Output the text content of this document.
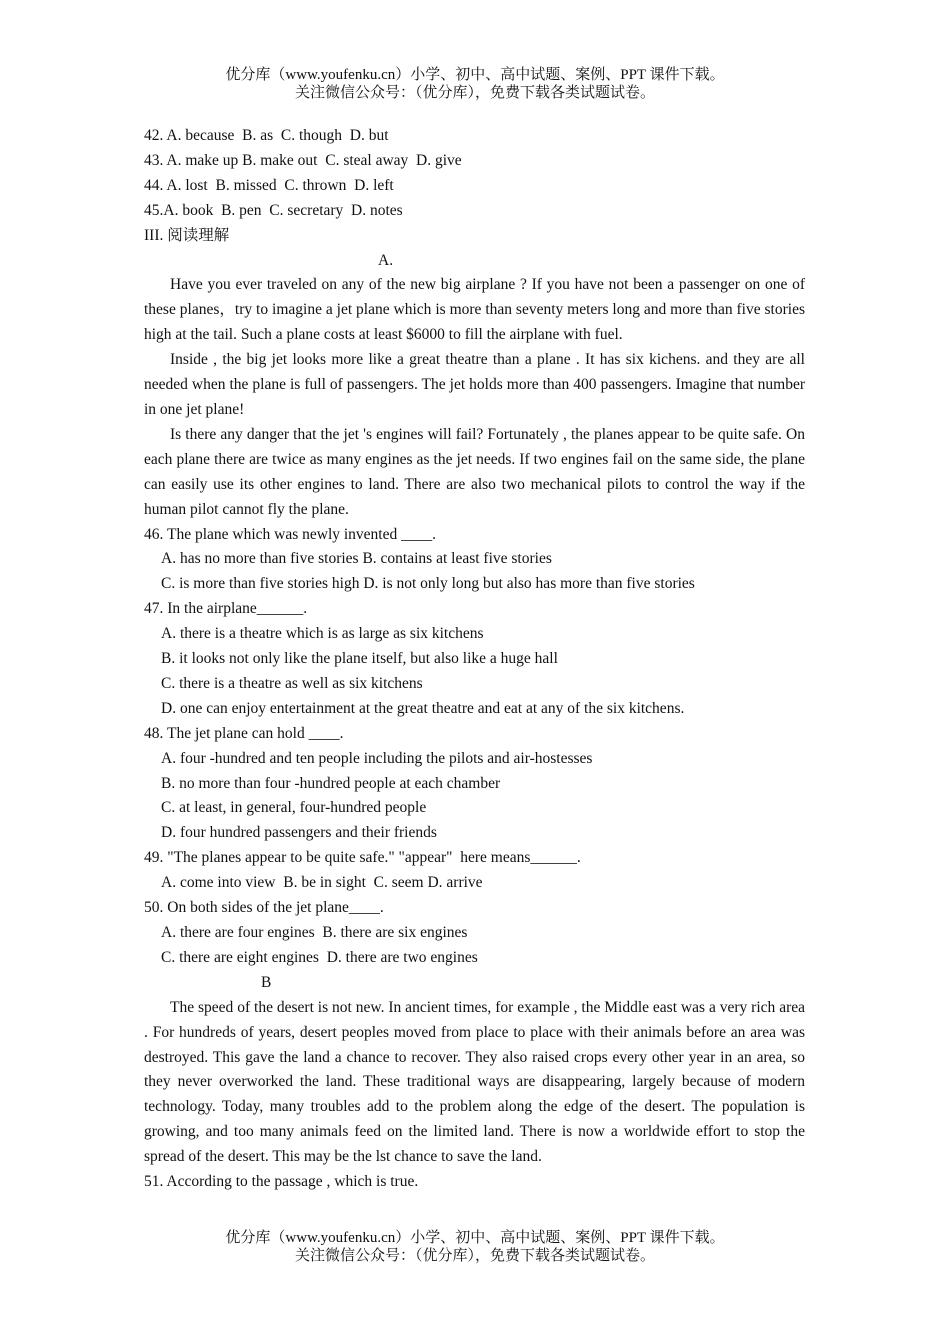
优分库（www.youfenku.cn）小学、初中、高中试题、案例、PPT 课件下载。
关注微信公众号：（优分库），免费下载各类试题试卷。
42. A. because  B. as  C. though  D. but
43. A. make up B. make out  C. steal away  D. give
44. A. lost  B. missed  C. thrown  D. left
45.A. book  B. pen  C. secretary  D. notes
III. 阅读理解
A.
Have you ever traveled on any of the new big airplane ? If you have not been a passenger on one of these planes，try to imagine a jet plane which is more than seventy meters long and more than five stories high at the tail. Such a plane costs at least $6000 to fill the airplane with fuel.
Inside , the big jet looks more like a great theatre than a plane . It has six kichens. and they are all needed when the plane is full of passengers. The jet holds more than 400 passengers. Imagine that number in one jet plane!
Is there any danger that the jet 's engines will fail? Fortunately , the planes appear to be quite safe. On each plane there are twice as many engines as the jet needs. If two engines fail on the same side, the plane can easily use its other engines to land. There are also two mechanical pilots to control the way if the human pilot cannot fly the plane.
46. The plane which was newly invented ____.
A. has no more than five stories B. contains at least five stories
C. is more than five stories high D. is not only long but also has more than five stories
47. In the airplane______.
A. there is a theatre which is as large as six kitchens
B. it looks not only like the plane itself, but also like a huge hall
C. there is a theatre as well as six kitchens
D. one can enjoy entertainment at the great theatre and eat at any of the six kitchens.
48. The jet plane can hold ____.
A. four -hundred and ten people including the pilots and air-hostesses
B. no more than four -hundred people at each chamber
C. at least, in general, four-hundred people
D. four hundred passengers and their friends
49. "The planes appear to be quite safe." "appear"  here means______.
A. come into view  B. be in sight  C. seem D. arrive
50. On both sides of the jet plane____.
A. there are four engines  B. there are six engines
C. there are eight engines  D. there are two engines
B
The speed of the desert is not new. In ancient times, for example , the Middle east was a very rich area . For hundreds of years, desert peoples moved from place to place with their animals before an area was destroyed. This gave the land a chance to recover. They also raised crops every other year in an area, so they never overworked the land. These traditional ways are disappearing, largely because of modern technology. Today, many troubles add to the problem along the edge of the desert. The population is growing, and too many animals feed on the limited land. There is now a worldwide effort to stop the spread of the desert. This may be the lst chance to save the land.
51. According to the passage , which is true.
优分库（www.youfenku.cn）小学、初中、高中试题、案例、PPT 课件下载。
关注微信公众号：（优分库），免费下载各类试题试卷。
